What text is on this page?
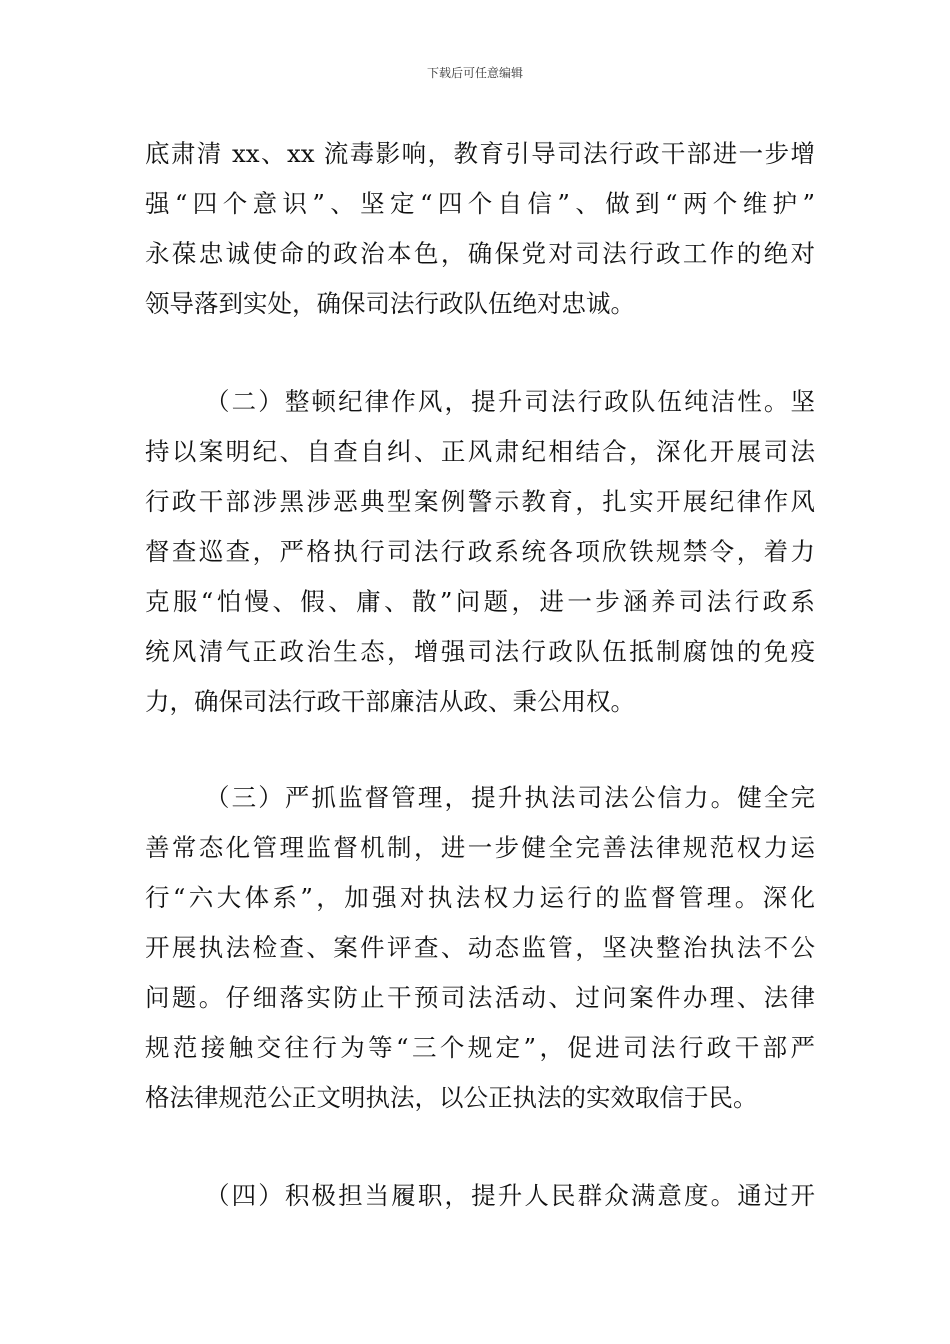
下载后可任意编辑
底肃清 xx、xx 流毒影响，教育引导司法行政干部进一步增
强“四个意识”、坚定“四个自信”、做到“两个维护”
永葆忠诚使命的政治本色，确保党对司法行政工作的绝对
领导落到实处，确保司法行政队伍绝对忠诚。
（二）整顿纪律作风，提升司法行政队伍纯洁性。坚
持以案明纪、自查自纠、正风肃纪相结合，深化开展司法
行政干部涉黑涉恶典型案例警示教育，扎实开展纪律作风
督查巡查，严格执行司法行政系统各项欣铁规禁令，着力
克服“怕慢、假、庸、散”问题，进一步涵养司法行政系
统风清气正政治生态，增强司法行政队伍抵制腐蚀的免疫
力，确保司法行政干部廉洁从政、秉公用权。
（三）严抓监督管理，提升执法司法公信力。健全完
善常态化管理监督机制，进一步健全完善法律规范权力运
行“六大体系”，加强对执法权力运行的监督管理。深化
开展执法检查、案件评查、动态监管，坚决整治执法不公
问题。仔细落实防止干预司法活动、过问案件办理、法律
规范接触交往行为等“三个规定”，促进司法行政干部严
格法律规范公正文明执法，以公正执法的实效取信于民。
（四）积极担当履职，提升人民群众满意度。通过开
